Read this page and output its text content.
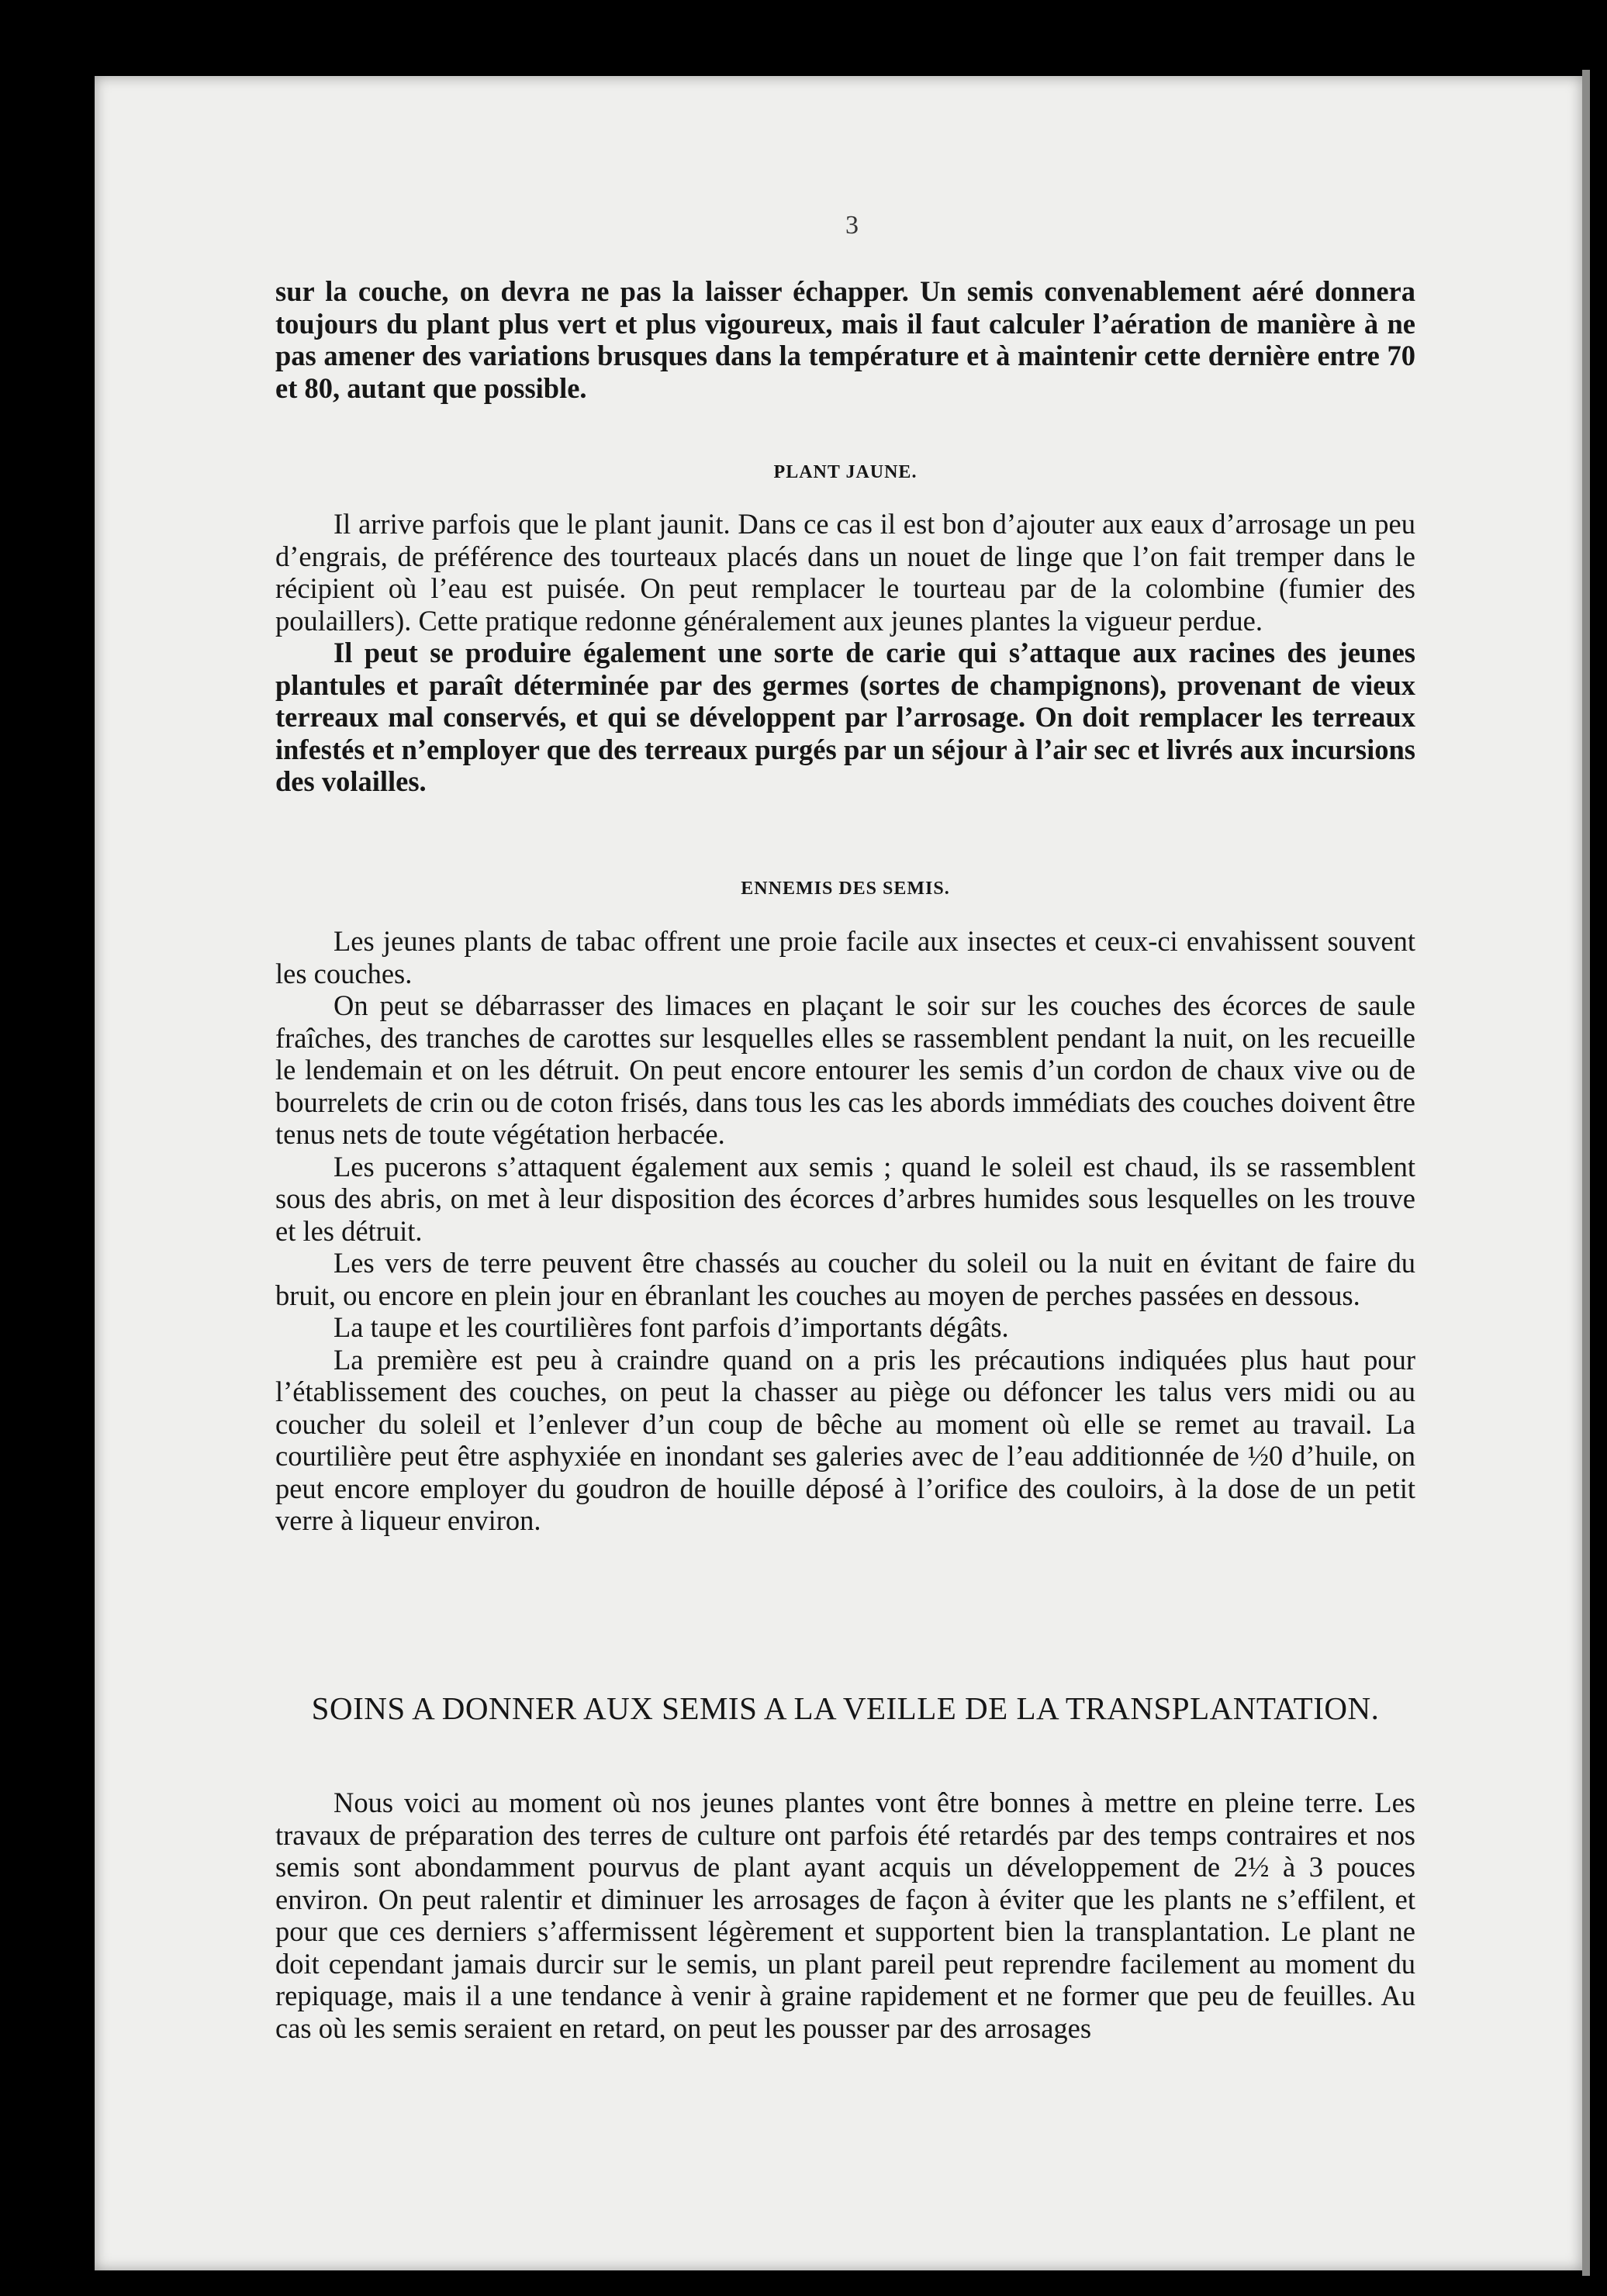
3

sur la couche, on devra ne pas la laisser échapper. Un semis convenablement aéré donnera toujours du plant plus vert et plus vigoureux, mais il faut calculer l’aération de manière à ne pas amener des variations brusques dans la température et à maintenir cette dernière entre 70 et 80, autant que possible.

PLANT JAUNE.

Il arrive parfois que le plant jaunit. Dans ce cas il est bon d’ajouter aux eaux d’arrosage un peu d’engrais, de préférence des tourteaux placés dans un nouet de linge que l’on fait tremper dans le récipient où l’eau est puisée. On peut remplacer le tourteau par de la colombine (fumier des poulaillers). Cette pratique redonne généralement aux jeunes plantes la vigueur perdue.

Il peut se produire également une sorte de carie qui s’attaque aux racines des jeunes plantules et paraît déterminée par des germes (sortes de champignons), provenant de vieux terreaux mal conservés, et qui se développent par l’arrosage. On doit remplacer les terreaux infestés et n’employer que des terreaux purgés par un séjour à l’air sec et livrés aux incursions des volailles.

ENNEMIS DES SEMIS.

Les jeunes plants de tabac offrent une proie facile aux insectes et ceux-ci envahissent souvent les couches.

On peut se débarrasser des limaces en plaçant le soir sur les couches des écorces de saule fraîches, des tranches de carottes sur lesquelles elles se rassemblent pendant la nuit, on les recueille le lendemain et on les détruit. On peut encore entourer les semis d’un cordon de chaux vive ou de bourrelets de crin ou de coton frisés, dans tous les cas les abords immédiats des couches doivent être tenus nets de toute végétation herbacée.

Les pucerons s’attaquent également aux semis ; quand le soleil est chaud, ils se rassemblent sous des abris, on met à leur disposition des écorces d’arbres humides sous lesquelles on les trouve et les détruit.

Les vers de terre peuvent être chassés au coucher du soleil ou la nuit en évitant de faire du bruit, ou encore en plein jour en ébranlant les couches au moyen de perches passées en dessous.

La taupe et les courtilières font parfois d’importants dégâts.

La première est peu à craindre quand on a pris les précautions indiquées plus haut pour l’établissement des couches, on peut la chasser au piège ou défoncer les talus vers midi ou au coucher du soleil et l’enlever d’un coup de bêche au moment où elle se remet au travail. La courtilière peut être asphyxiée en inondant ses galeries avec de l’eau additionnée de ½0 d’huile, on peut encore employer du goudron de houille déposé à l’orifice des couloirs, à la dose de un petit verre à liqueur environ.

SOINS A DONNER AUX SEMIS A LA VEILLE DE LA TRANSPLANTATION.

Nous voici au moment où nos jeunes plantes vont être bonnes à mettre en pleine terre. Les travaux de préparation des terres de culture ont parfois été retardés par des temps contraires et nos semis sont abondamment pourvus de plant ayant acquis un développement de 2½ à 3 pouces environ. On peut ralentir et diminuer les arrosages de façon à éviter que les plants ne s’effilent, et pour que ces derniers s’affermissent légèrement et supportent bien la transplantation. Le plant ne doit cependant jamais durcir sur le semis, un plant pareil peut reprendre facilement au moment du repiquage, mais il a une tendance à venir à graine rapidement et ne former que peu de feuilles. Au cas où les semis seraient en retard, on peut les pousser par des arrosages
